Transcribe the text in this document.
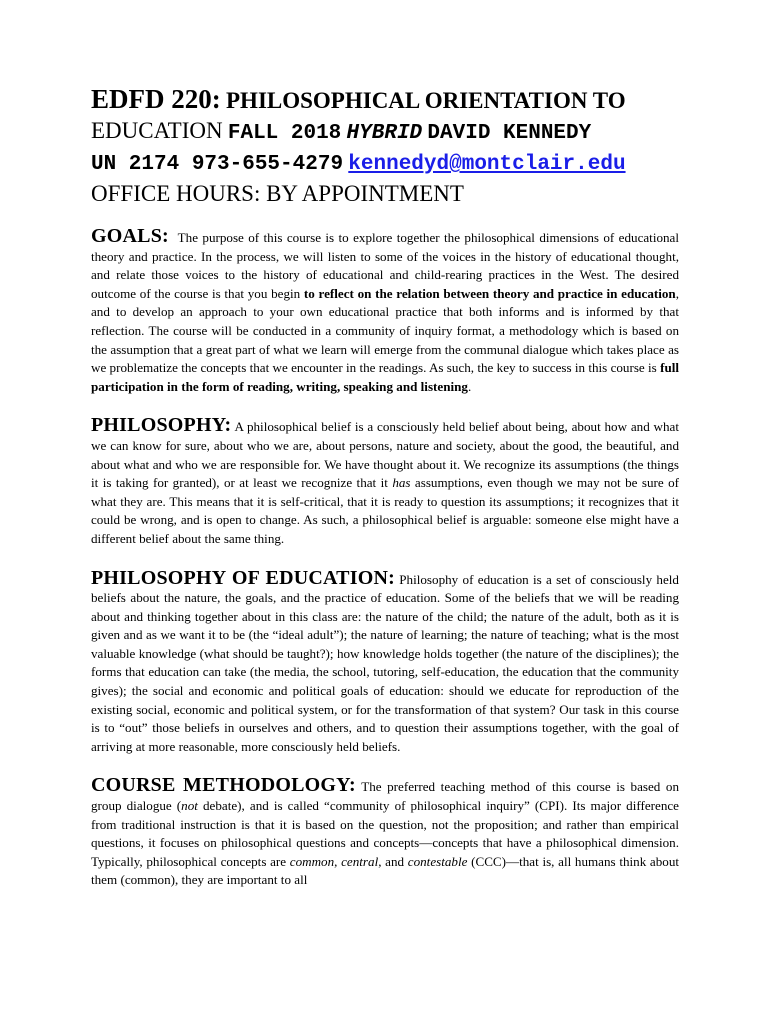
EDFD 220: PHILOSOPHICAL ORIENTATION TO
EDUCATION FALL 2018 HYBRID DAVID KENNEDY
UN 2174 973-655-4279 kennedyd@montclair.edu
OFFICE HOURS: BY APPOINTMENT

GOALS: The purpose of this course is to explore together the philosophical dimensions of educational theory and practice. In the process, we will listen to some of the voices in the history of educational thought, and relate those voices to the history of educational and child-rearing practices in the West. The desired outcome of the course is that you begin to reflect on the relation between theory and practice in education, and to develop an approach to your own educational practice that both informs and is informed by that reflection. The course will be conducted in a community of inquiry format, a methodology which is based on the assumption that a great part of what we learn will emerge from the communal dialogue which takes place as we problematize the concepts that we encounter in the readings. As such, the key to success in this course is full participation in the form of reading, writing, speaking and listening.

PHILOSOPHY: A philosophical belief is a consciously held belief about being, about how and what we can know for sure, about who we are, about persons, nature and society, about the good, the beautiful, and about what and who we are responsible for. We have thought about it. We recognize its assumptions (the things it is taking for granted), or at least we recognize that it has assumptions, even though we may not be sure of what they are. This means that it is self-critical, that it is ready to question its assumptions; it recognizes that it could be wrong, and is open to change. As such, a philosophical belief is arguable: someone else might have a different belief about the same thing.

PHILOSOPHY OF EDUCATION: Philosophy of education is a set of consciously held beliefs about the nature, the goals, and the practice of education. Some of the beliefs that we will be reading about and thinking together about in this class are: the nature of the child; the nature of the adult, both as it is given and as we want it to be (the “ideal adult”); the nature of learning; the nature of teaching; what is the most valuable knowledge (what should be taught?); how knowledge holds together (the nature of the disciplines); the forms that education can take (the media, the school, tutoring, self-education, the education that the community gives); the social and economic and political goals of education: should we educate for reproduction of the existing social, economic and political system, or for the transformation of that system? Our task in this course is to “out” those beliefs in ourselves and others, and to question their assumptions together, with the goal of arriving at more reasonable, more consciously held beliefs.

COURSE METHODOLOGY: The preferred teaching method of this course is based on group dialogue (not debate), and is called “community of philosophical inquiry” (CPI). Its major difference from traditional instruction is that it is based on the question, not the proposition; and rather than empirical questions, it focuses on philosophical questions and concepts—concepts that have a philosophical dimension. Typically, philosophical concepts are common, central, and contestable (CCC)—that is, all humans think about them (common), they are important to all
